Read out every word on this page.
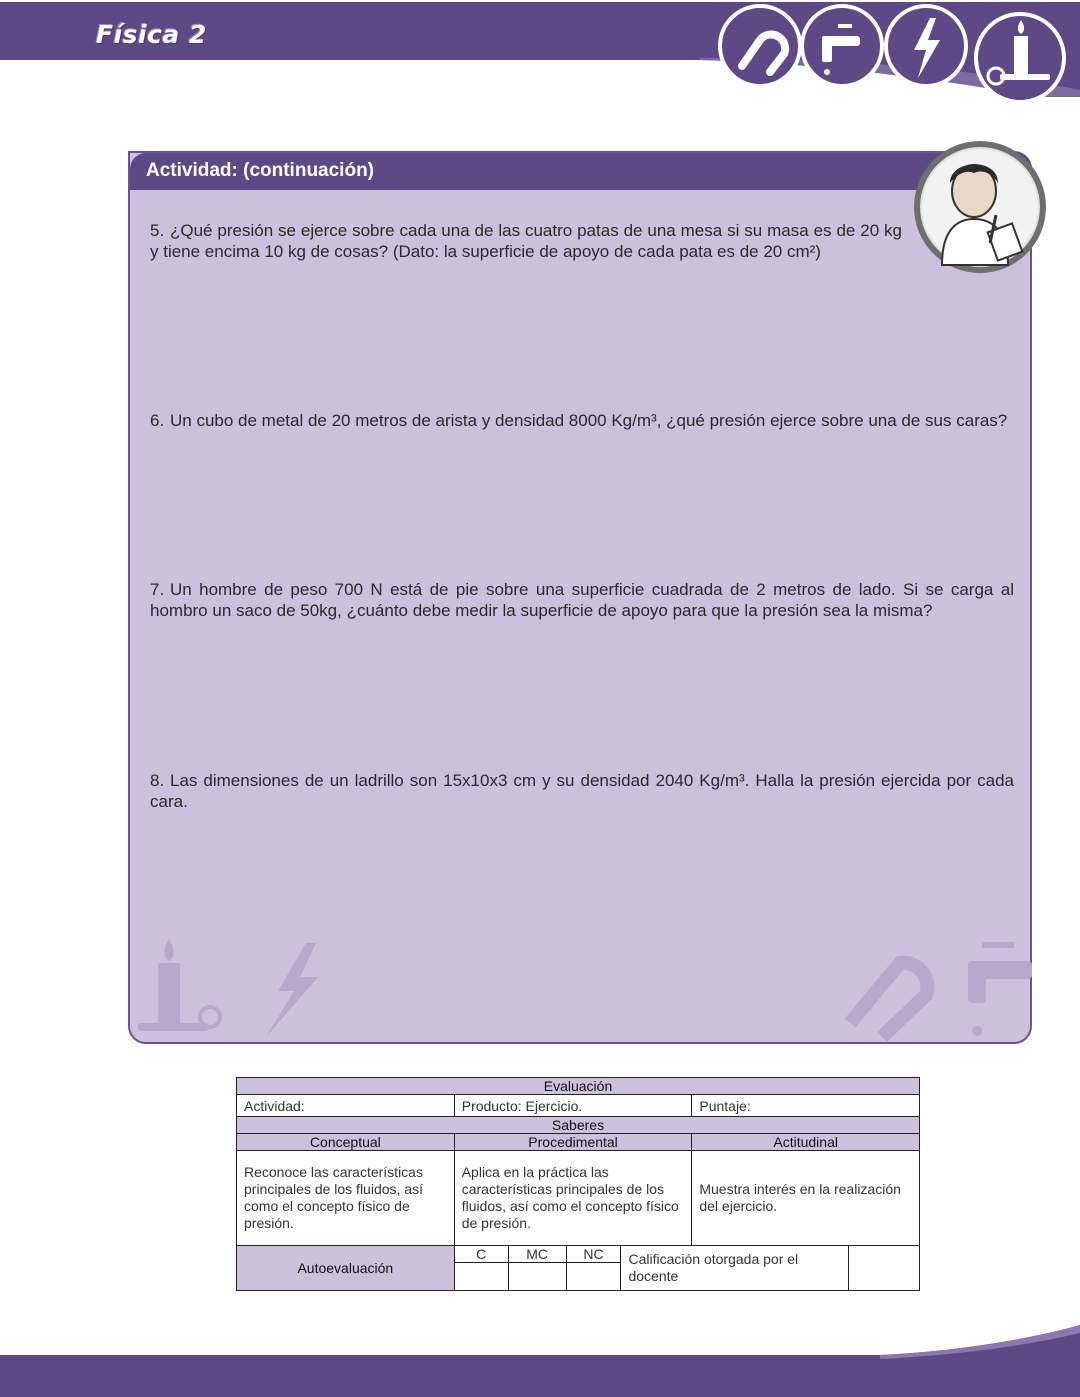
Física 2
Actividad: (continuación)
5. ¿Qué presión se ejerce sobre cada una de las cuatro patas de una mesa si su masa es de 20 kg y tiene encima 10 kg de cosas? (Dato: la superficie de apoyo de cada pata es de 20 cm²)
6. Un cubo de metal de 20 metros de arista y densidad 8000 Kg/m³, ¿qué presión ejerce sobre una de sus caras?
7. Un hombre de peso 700 N está de pie sobre una superficie cuadrada de 2 metros de lado. Si se carga al hombro un saco de 50kg, ¿cuánto debe medir la superficie de apoyo para que la presión sea la misma?
8. Las dimensiones de un ladrillo son 15x10x3 cm y su densidad 2040 Kg/m³. Halla la presión ejercida por cada cara.
Evaluación						
Actividad:	Producto: Ejercicio.				Puntaje:	
Saberes						
Conceptual	Procedimental				Actitudinal	
Reconoce las características principales de los fluidos, así como el concepto físico de presión.	Aplica en la práctica las características principales de los fluidos, así como el concepto físico de presión.				Muestra interés en la realización del ejercicio.	
Autoevaluación	C	MC	NC	Calificación otorgada por el docente		
